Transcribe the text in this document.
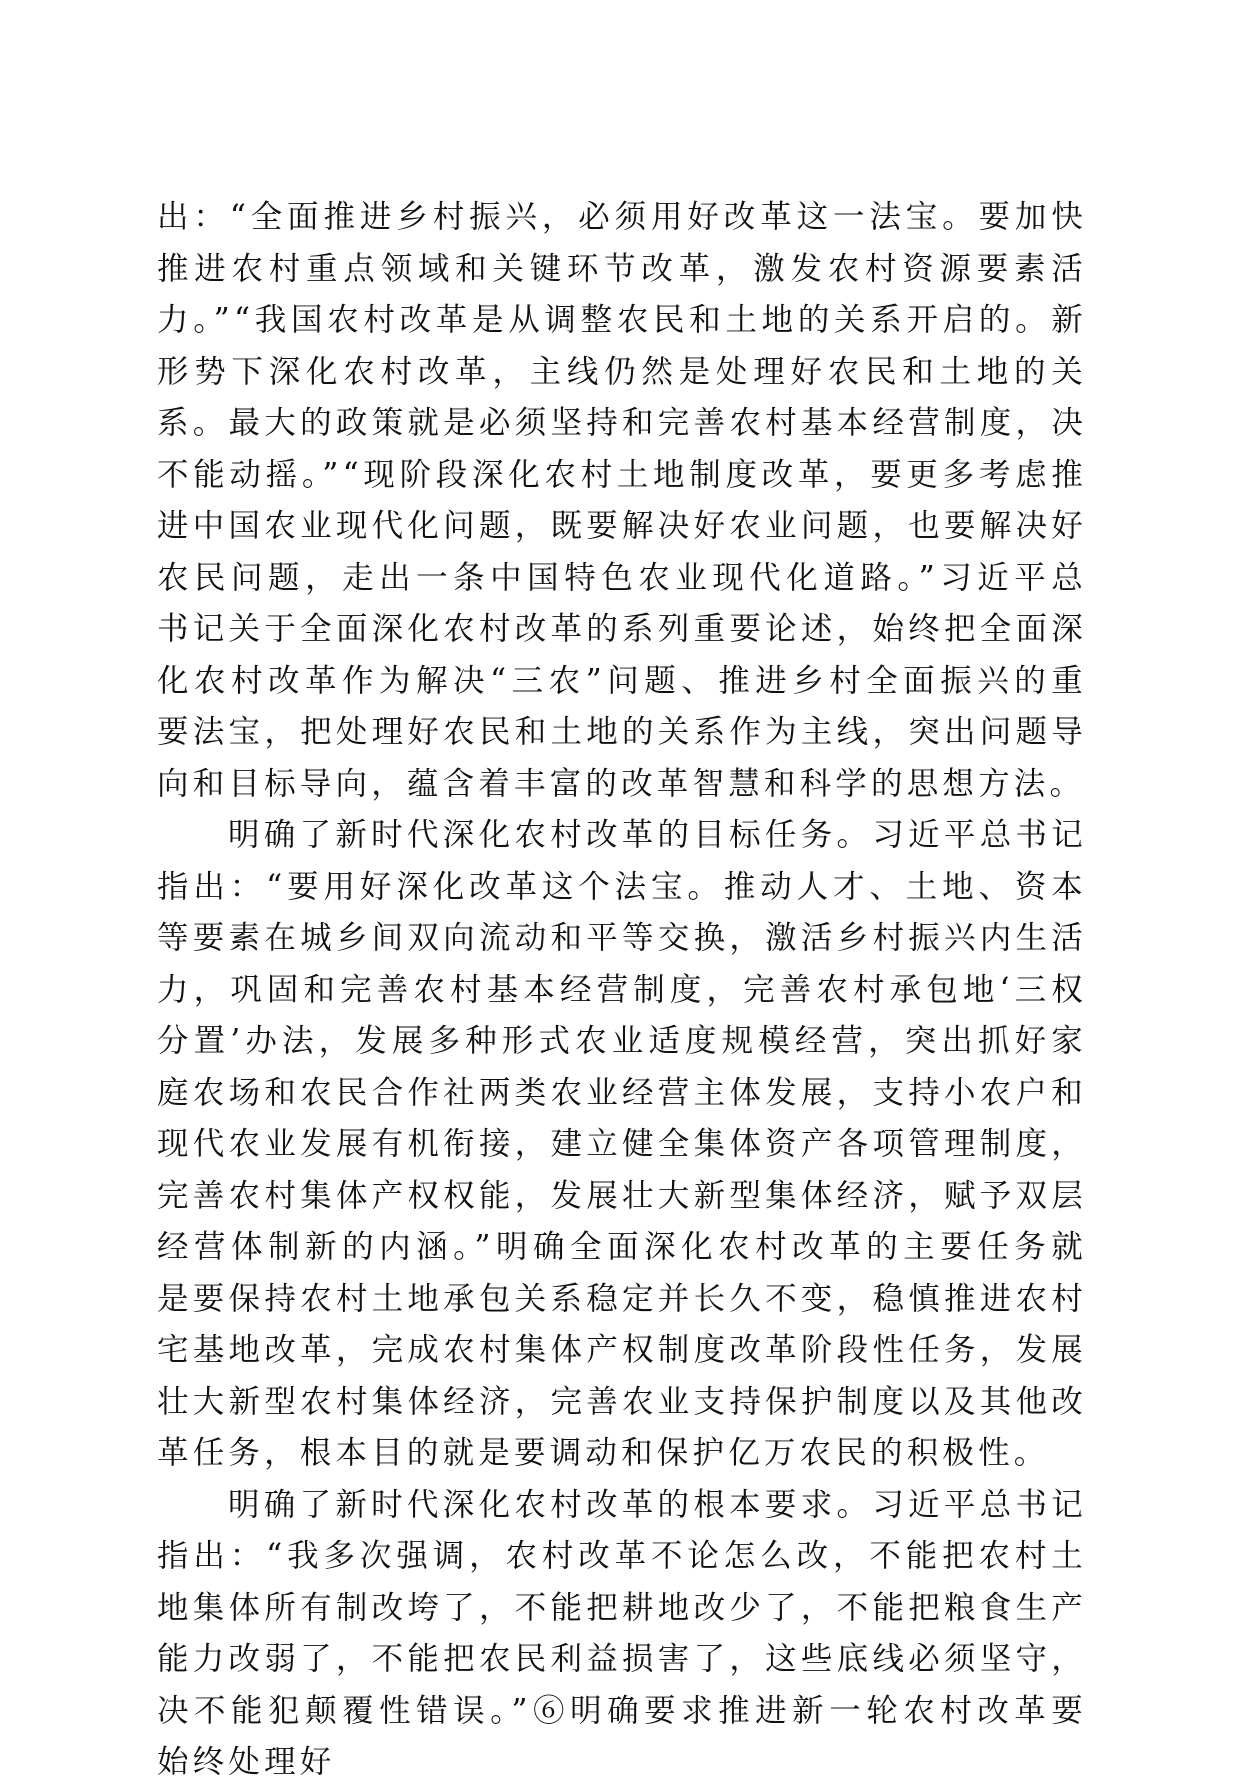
出：“全面推进乡村振兴，必须用好改革这一法宝。要加快推进农村重点领域和关键环节改革，激发农村资源要素活力。”“我国农村改革是从调整农民和土地的关系开启的。新形势下深化农村改革，主线仍然是处理好农民和土地的关系。最大的政策就是必须坚持和完善农村基本经营制度，决不能动摇。”“现阶段深化农村土地制度改革，要更多考虑推进中国农业现代化问题，既要解决好农业问题，也要解决好农民问题，走出一条中国特色农业现代化道路。”习近平总书记关于全面深化农村改革的系列重要论述，始终把全面深化农村改革作为解决“三农”问题、推进乡村全面振兴的重要法宝，把处理好农民和土地的关系作为主线，突出问题导向和目标导向，蕴含着丰富的改革智慧和科学的思想方法。

明确了新时代深化农村改革的目标任务。习近平总书记指出：“要用好深化改革这个法宝。推动人才、土地、资本等要素在城乡间双向流动和平等交换，激活乡村振兴内生活力，巩固和完善农村基本经营制度，完善农村承包地‘三权分置’办法，发展多种形式农业适度规模经营，突出抓好家庭农场和农民合作社两类农业经营主体发展，支持小农户和现代农业发展有机衔接，建立健全集体资产各项管理制度，完善农村集体产权权能，发展壮大新型集体经济，赋予双层经营体制新的内涵。”明确全面深化农村改革的主要任务就是要保持农村土地承包关系稳定并长久不变，稳慎推进农村宅基地改革，完成农村集体产权制度改革阶段性任务，发展壮大新型农村集体经济，完善农业支持保护制度以及其他改革任务，根本目的就是要调动和保护亿万农民的积极性。

明确了新时代深化农村改革的根本要求。习近平总书记指出：“我多次强调，农村改革不论怎么改，不能把农村土地集体所有制改垮了，不能把耕地改少了，不能把粮食生产能力改弱了，不能把农民利益损害了，这些底线必须坚守，决不能犯颠覆性错误。”⑥明确要求推进新一轮农村改革要始终处理好
